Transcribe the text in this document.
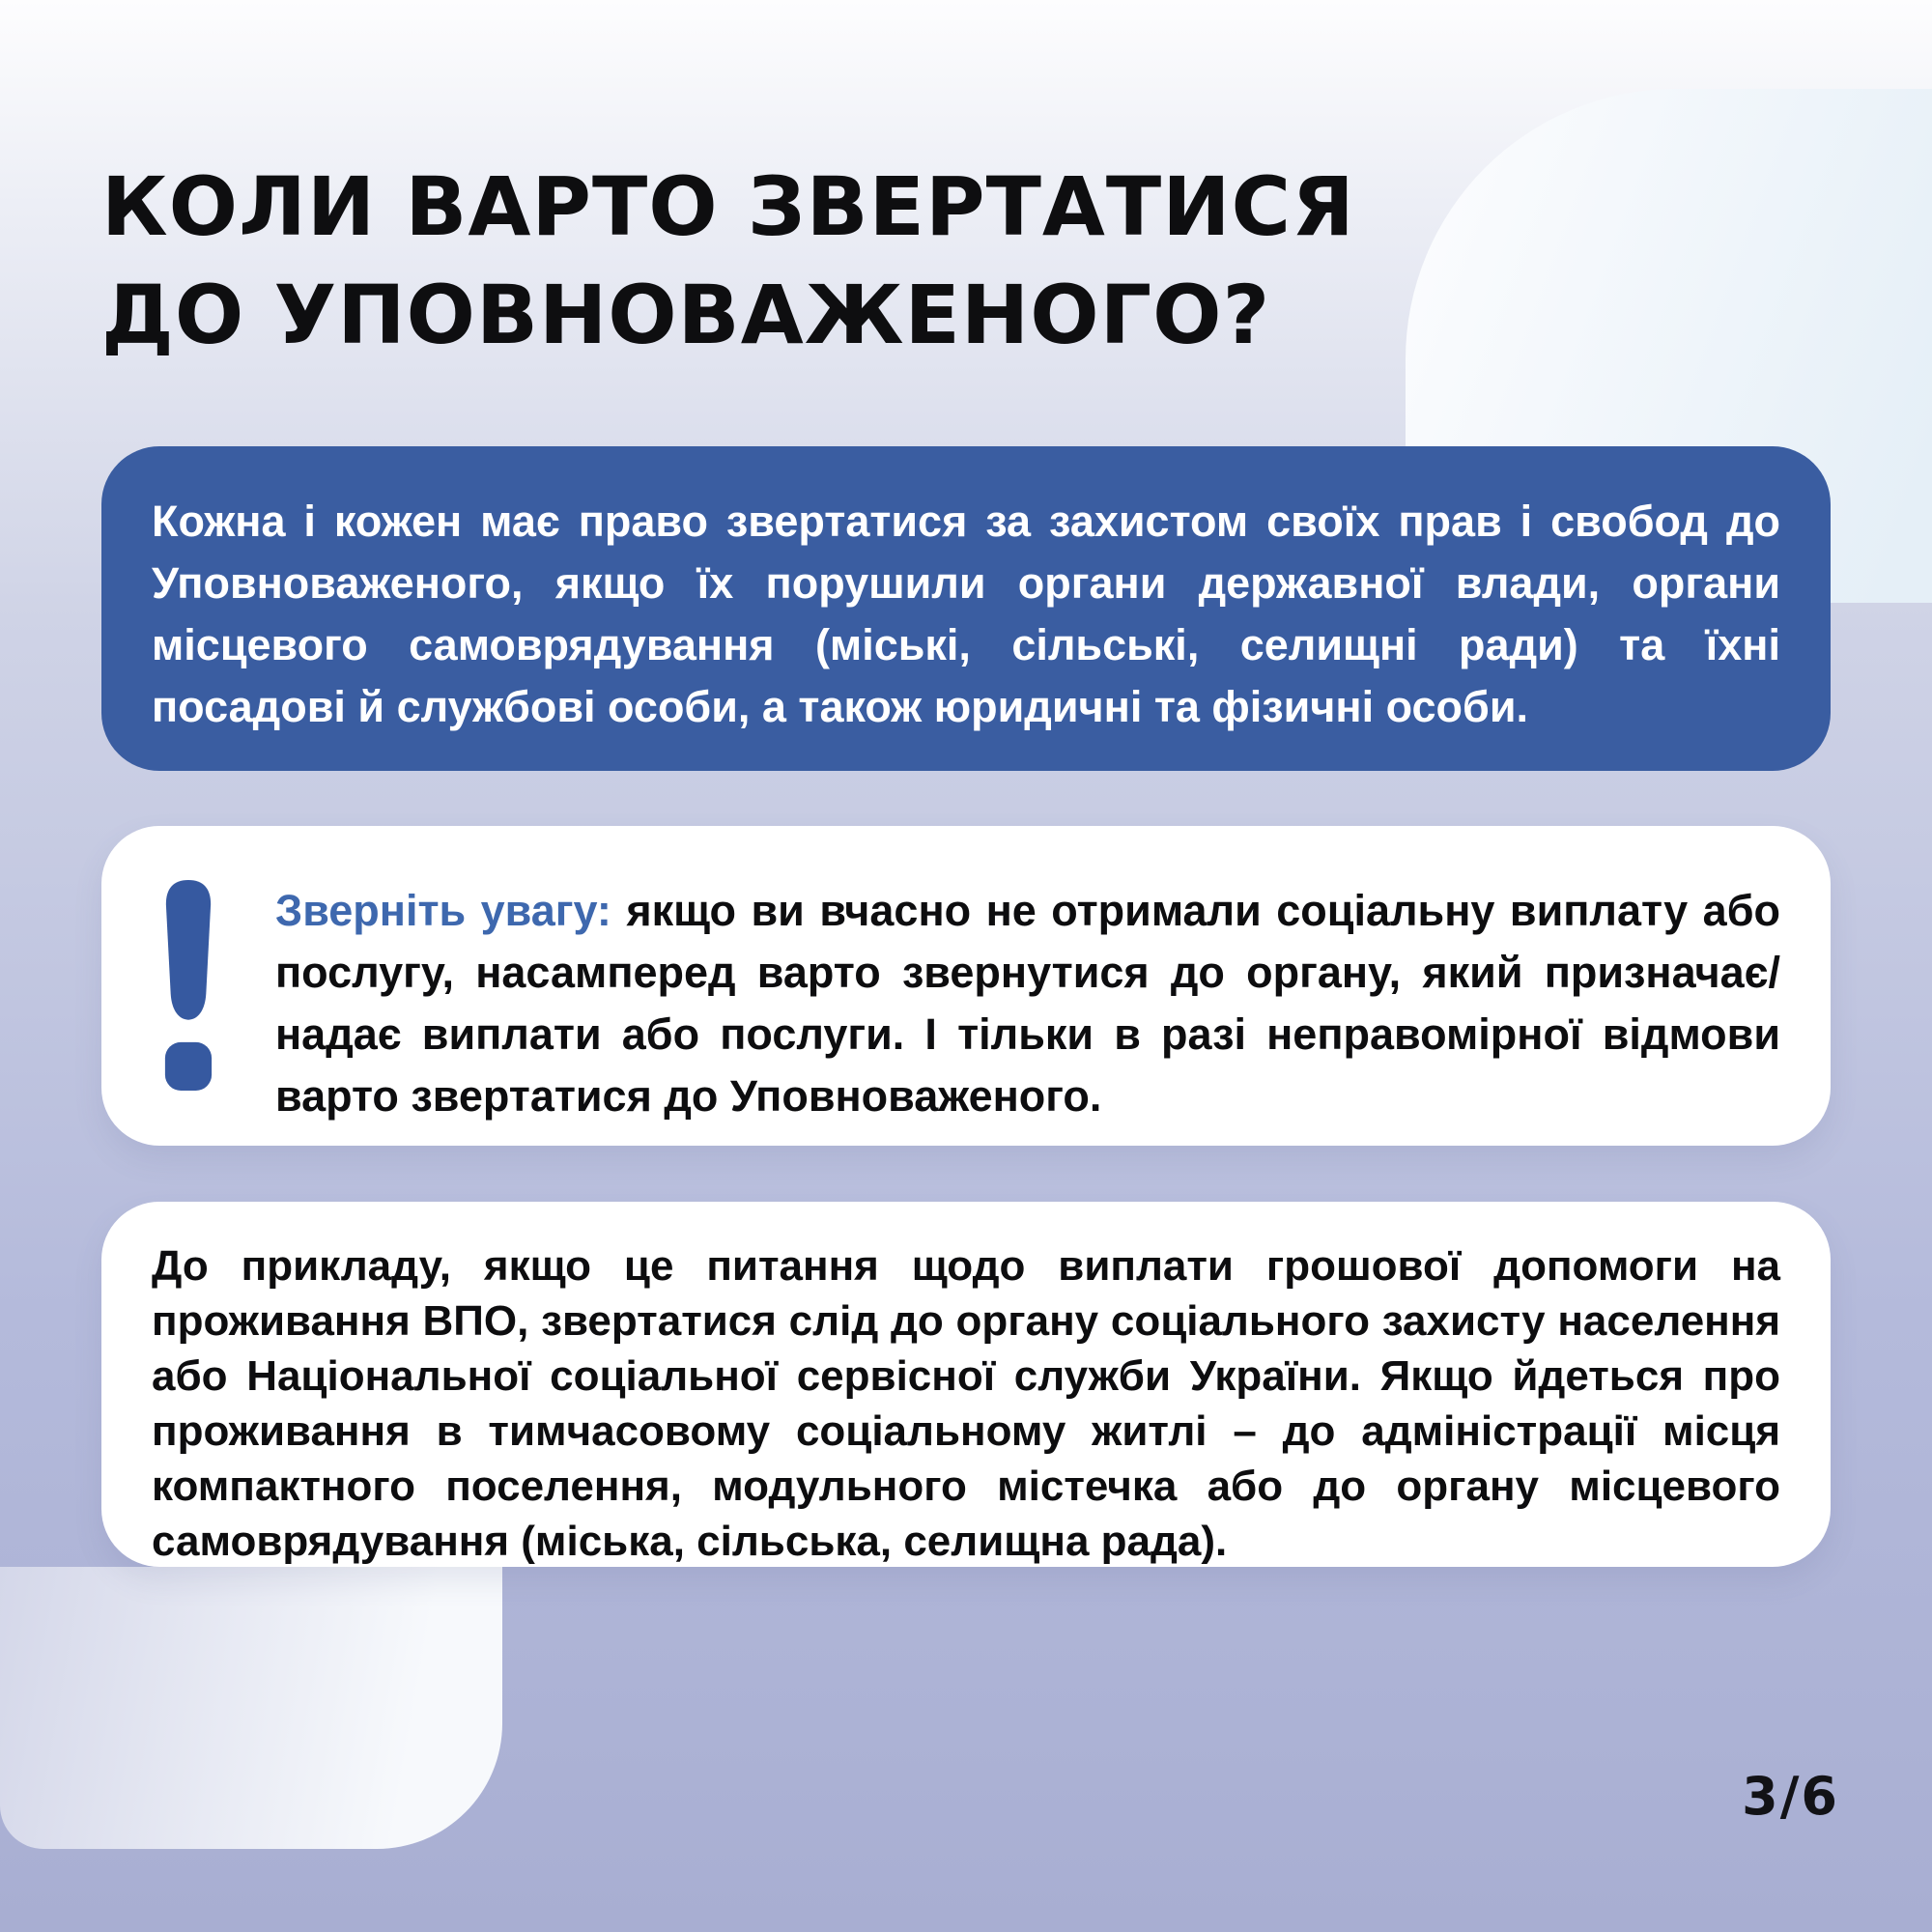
КОЛИ ВАРТО ЗВЕРТАТИСЯ
ДО УПОВНОВАЖЕНОГО?

Кожна і кожен має право звертатися за захистом своїх прав і свобод до Уповноваженого, якщо їх порушили органи державної влади, органи місцевого самоврядування (міські, сільські, селищні ради) та їхні посадові й службові особи, а також юридичні та фізичні особи.

Зверніть увагу: якщо ви вчасно не отримали соціальну виплату або послугу, насамперед варто звернутися до органу, який призначає/надає виплати або послуги. І тільки в разі неправомірної відмови варто звертатися до Уповноваженого.

До прикладу, якщо це питання щодо виплати грошової допомоги на проживання ВПО, звертатися слід до органу соціального захисту населення або Національної соціальної сервісної служби України. Якщо йдеться про проживання в тимчасовому соціальному житлі – до адміністрації місця компактного поселення, модульного містечка або до органу місцевого самоврядування (міська, сільська, селищна рада).

3/6
